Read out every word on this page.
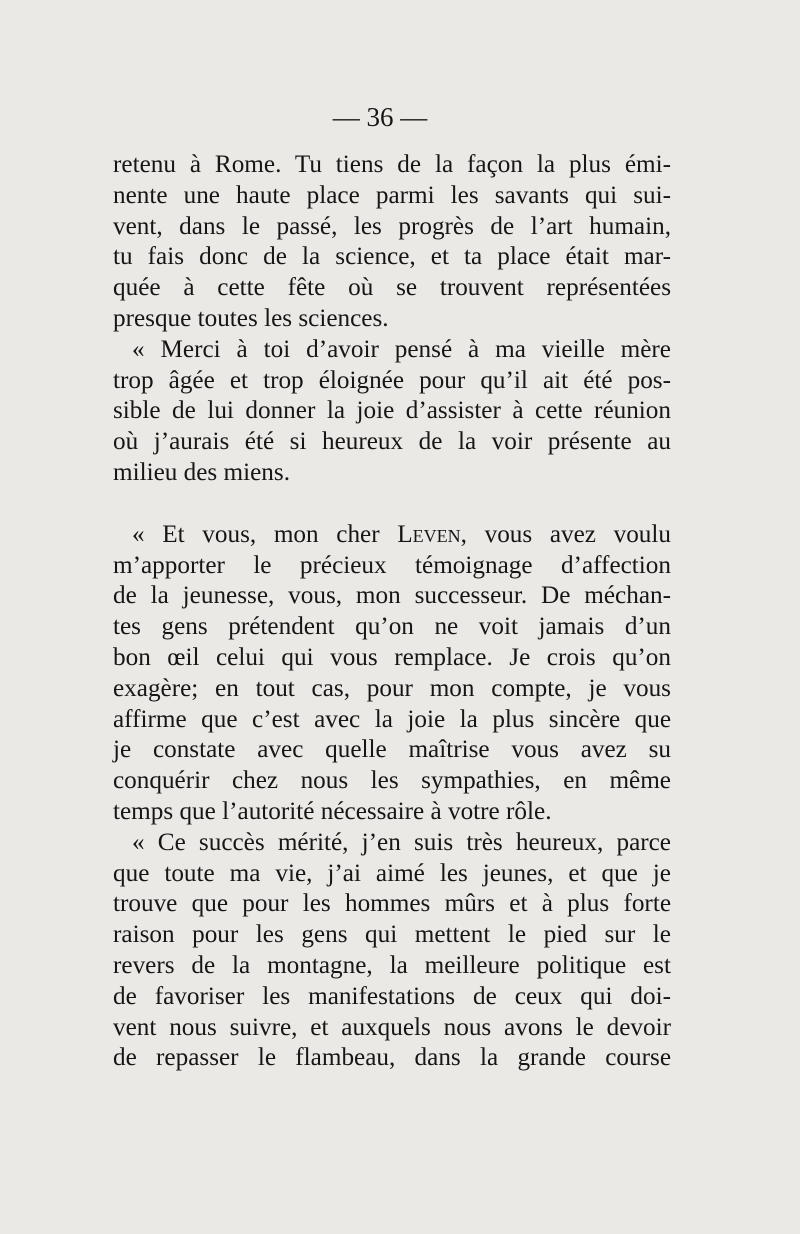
— 36 —
retenu à Rome. Tu tiens de la façon la plus émi-
nente une haute place parmi les savants qui sui-
vent, dans le passé, les progrès de l’art humain,
tu fais donc de la science, et ta place était mar-
quée à cette fête où se trouvent représentées
presque toutes les sciences.
« Merci à toi d’avoir pensé à ma vieille mère
trop âgée et trop éloignée pour qu’il ait été pos-
sible de lui donner la joie d’assister à cette réunion
où j’aurais été si heureux de la voir présente au
milieu des miens.
« Et vous, mon cher Leven, vous avez voulu
m’apporter le précieux témoignage d’affection
de la jeunesse, vous, mon successeur. De méchan-
tes gens prétendent qu’on ne voit jamais d’un
bon œil celui qui vous remplace. Je crois qu’on
exagère; en tout cas, pour mon compte, je vous
affirme que c’est avec la joie la plus sincère que
je constate avec quelle maîtrise vous avez su
conquérir chez nous les sympathies, en même
temps que l’autorité nécessaire à votre rôle.
« Ce succès mérité, j’en suis très heureux, parce
que toute ma vie, j’ai aimé les jeunes, et que je
trouve que pour les hommes mûrs et à plus forte
raison pour les gens qui mettent le pied sur le
revers de la montagne, la meilleure politique est
de favoriser les manifestations de ceux qui doi-
vent nous suivre, et auxquels nous avons le devoir
de repasser le flambeau, dans la grande course
